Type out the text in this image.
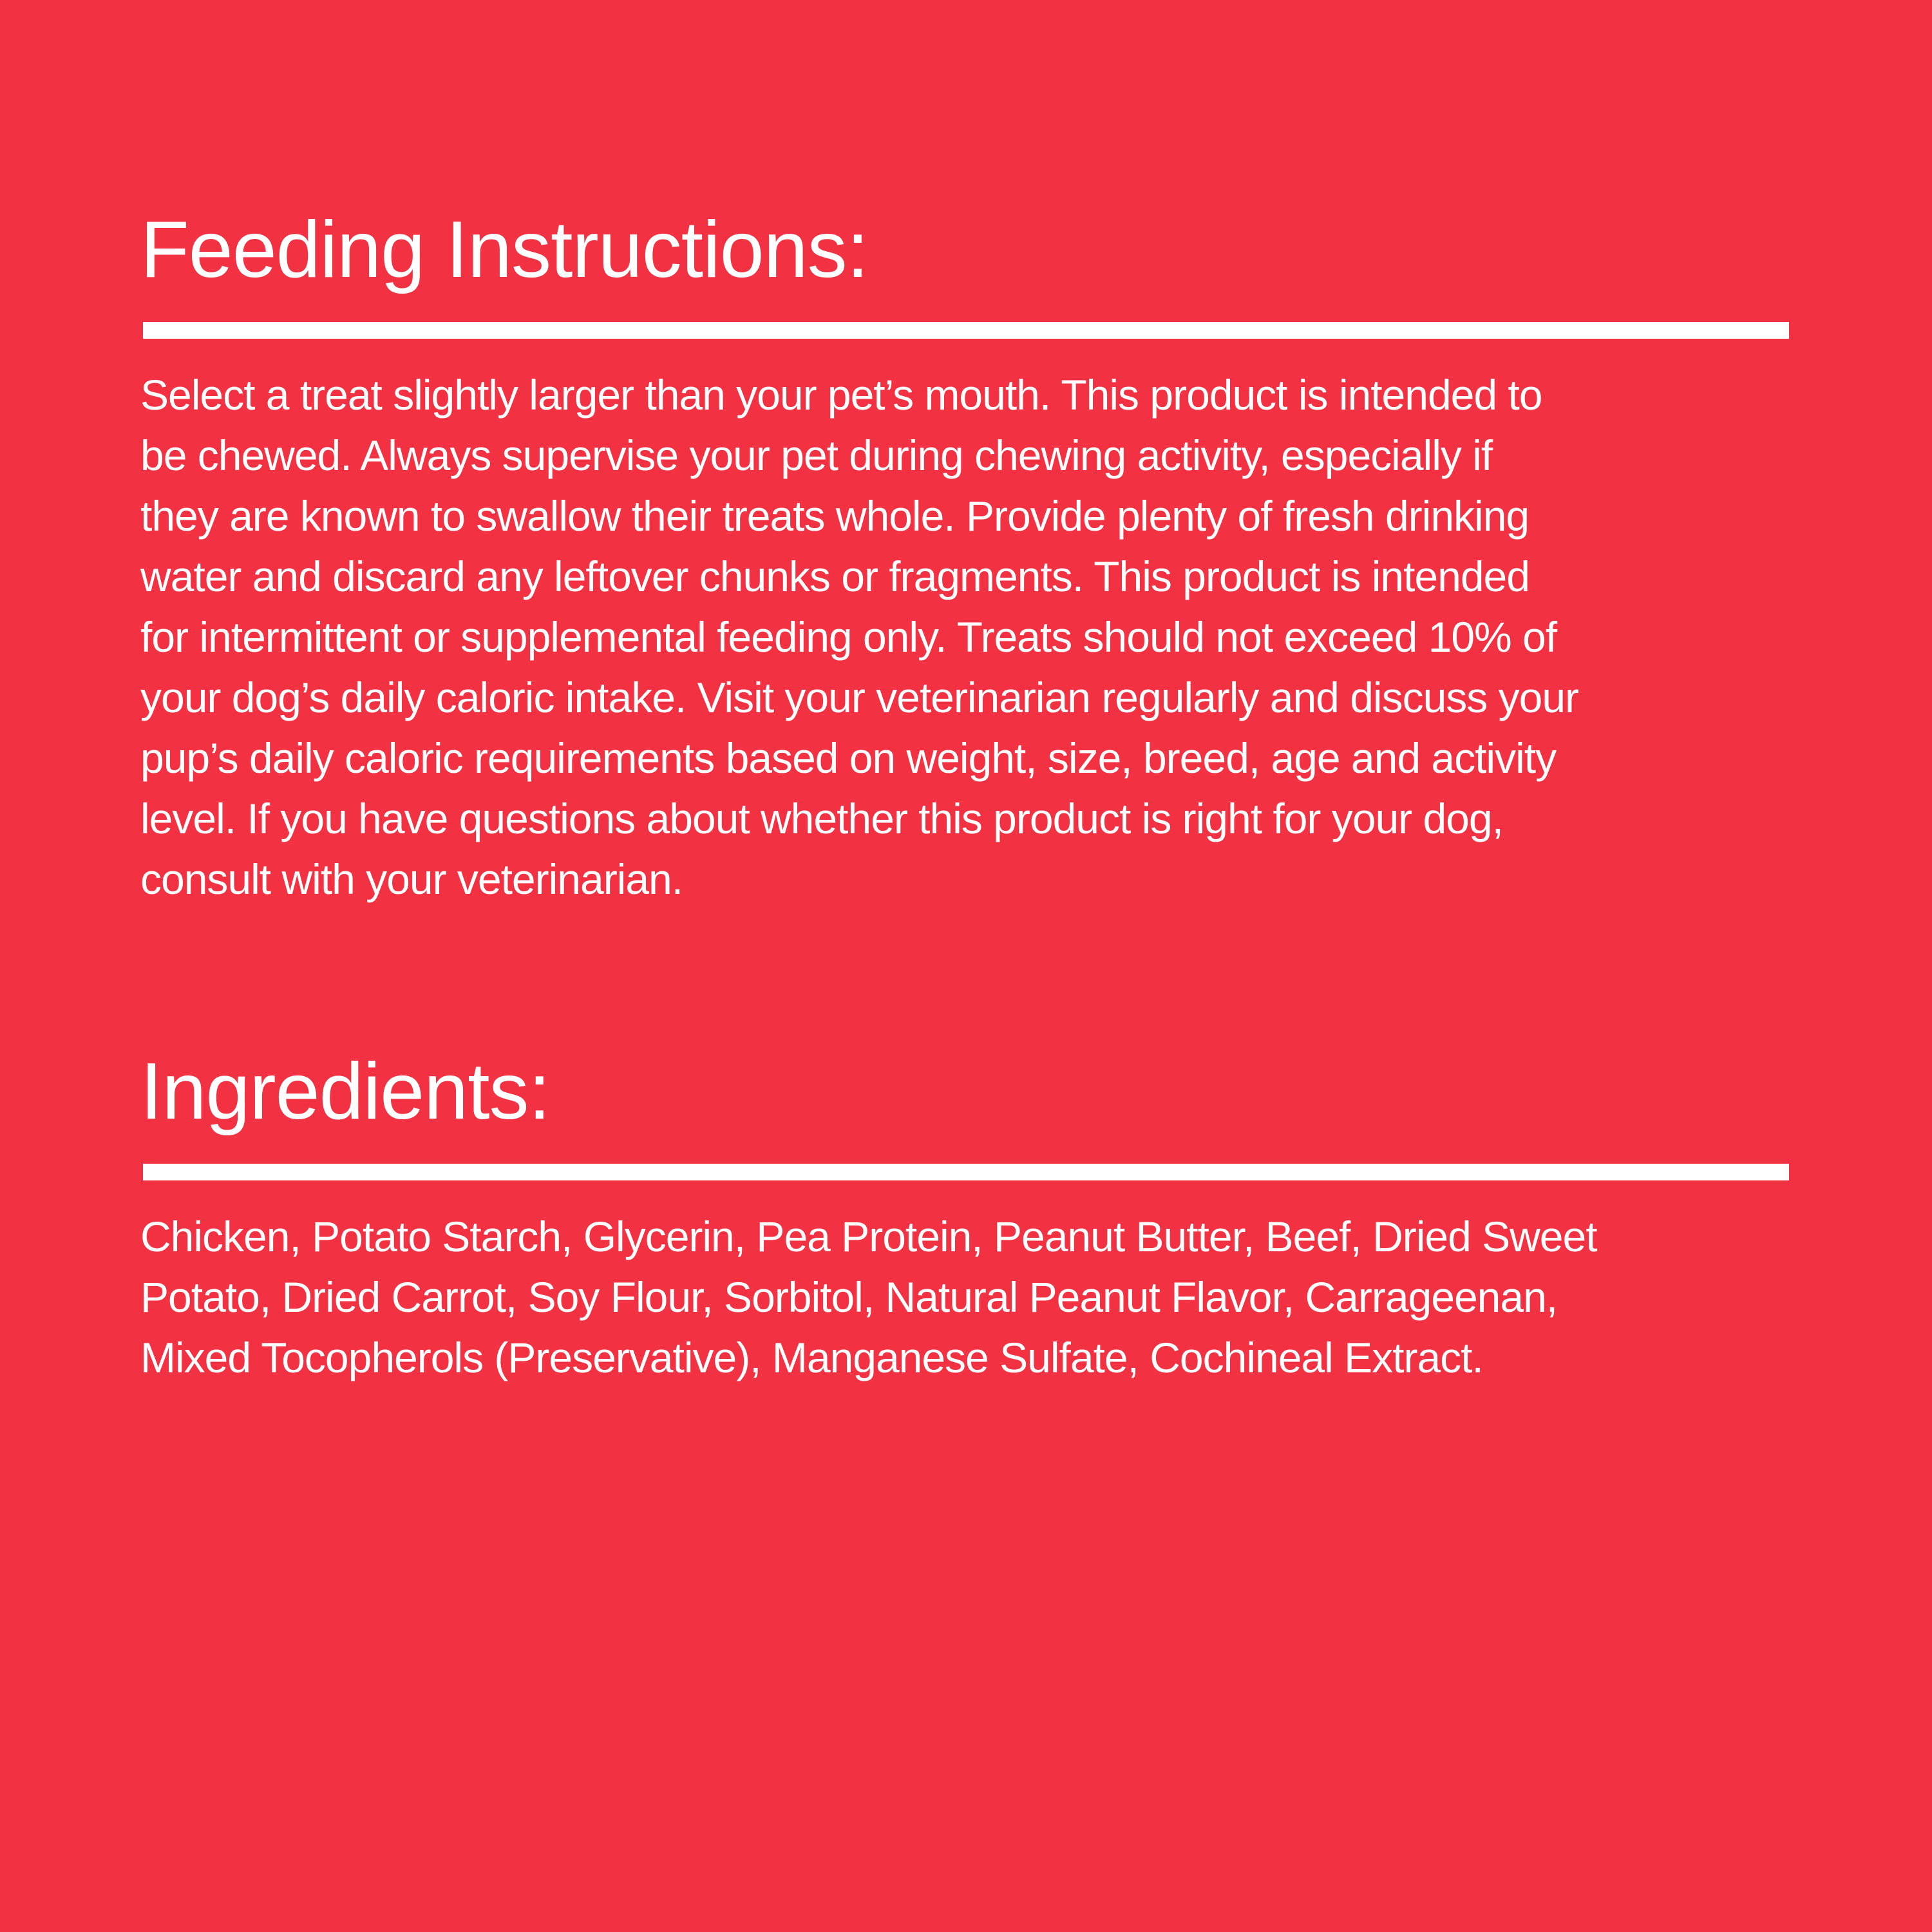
Feeding Instructions:

Select a treat slightly larger than your pet’s mouth. This product is intended to
be chewed. Always supervise your pet during chewing activity, especially if
they are known to swallow their treats whole. Provide plenty of fresh drinking
water and discard any leftover chunks or fragments. This product is intended
for intermittent or supplemental feeding only. Treats should not exceed 10% of
your dog’s daily caloric intake. Visit your veterinarian regularly and discuss your
pup’s daily caloric requirements based on weight, size, breed, age and activity
level. If you have questions about whether this product is right for your dog,
consult with your veterinarian.

Ingredients:

Chicken, Potato Starch, Glycerin, Pea Protein, Peanut Butter, Beef, Dried Sweet
Potato, Dried Carrot, Soy Flour, Sorbitol, Natural Peanut Flavor, Carrageenan,
Mixed Tocopherols (Preservative), Manganese Sulfate, Cochineal Extract.
